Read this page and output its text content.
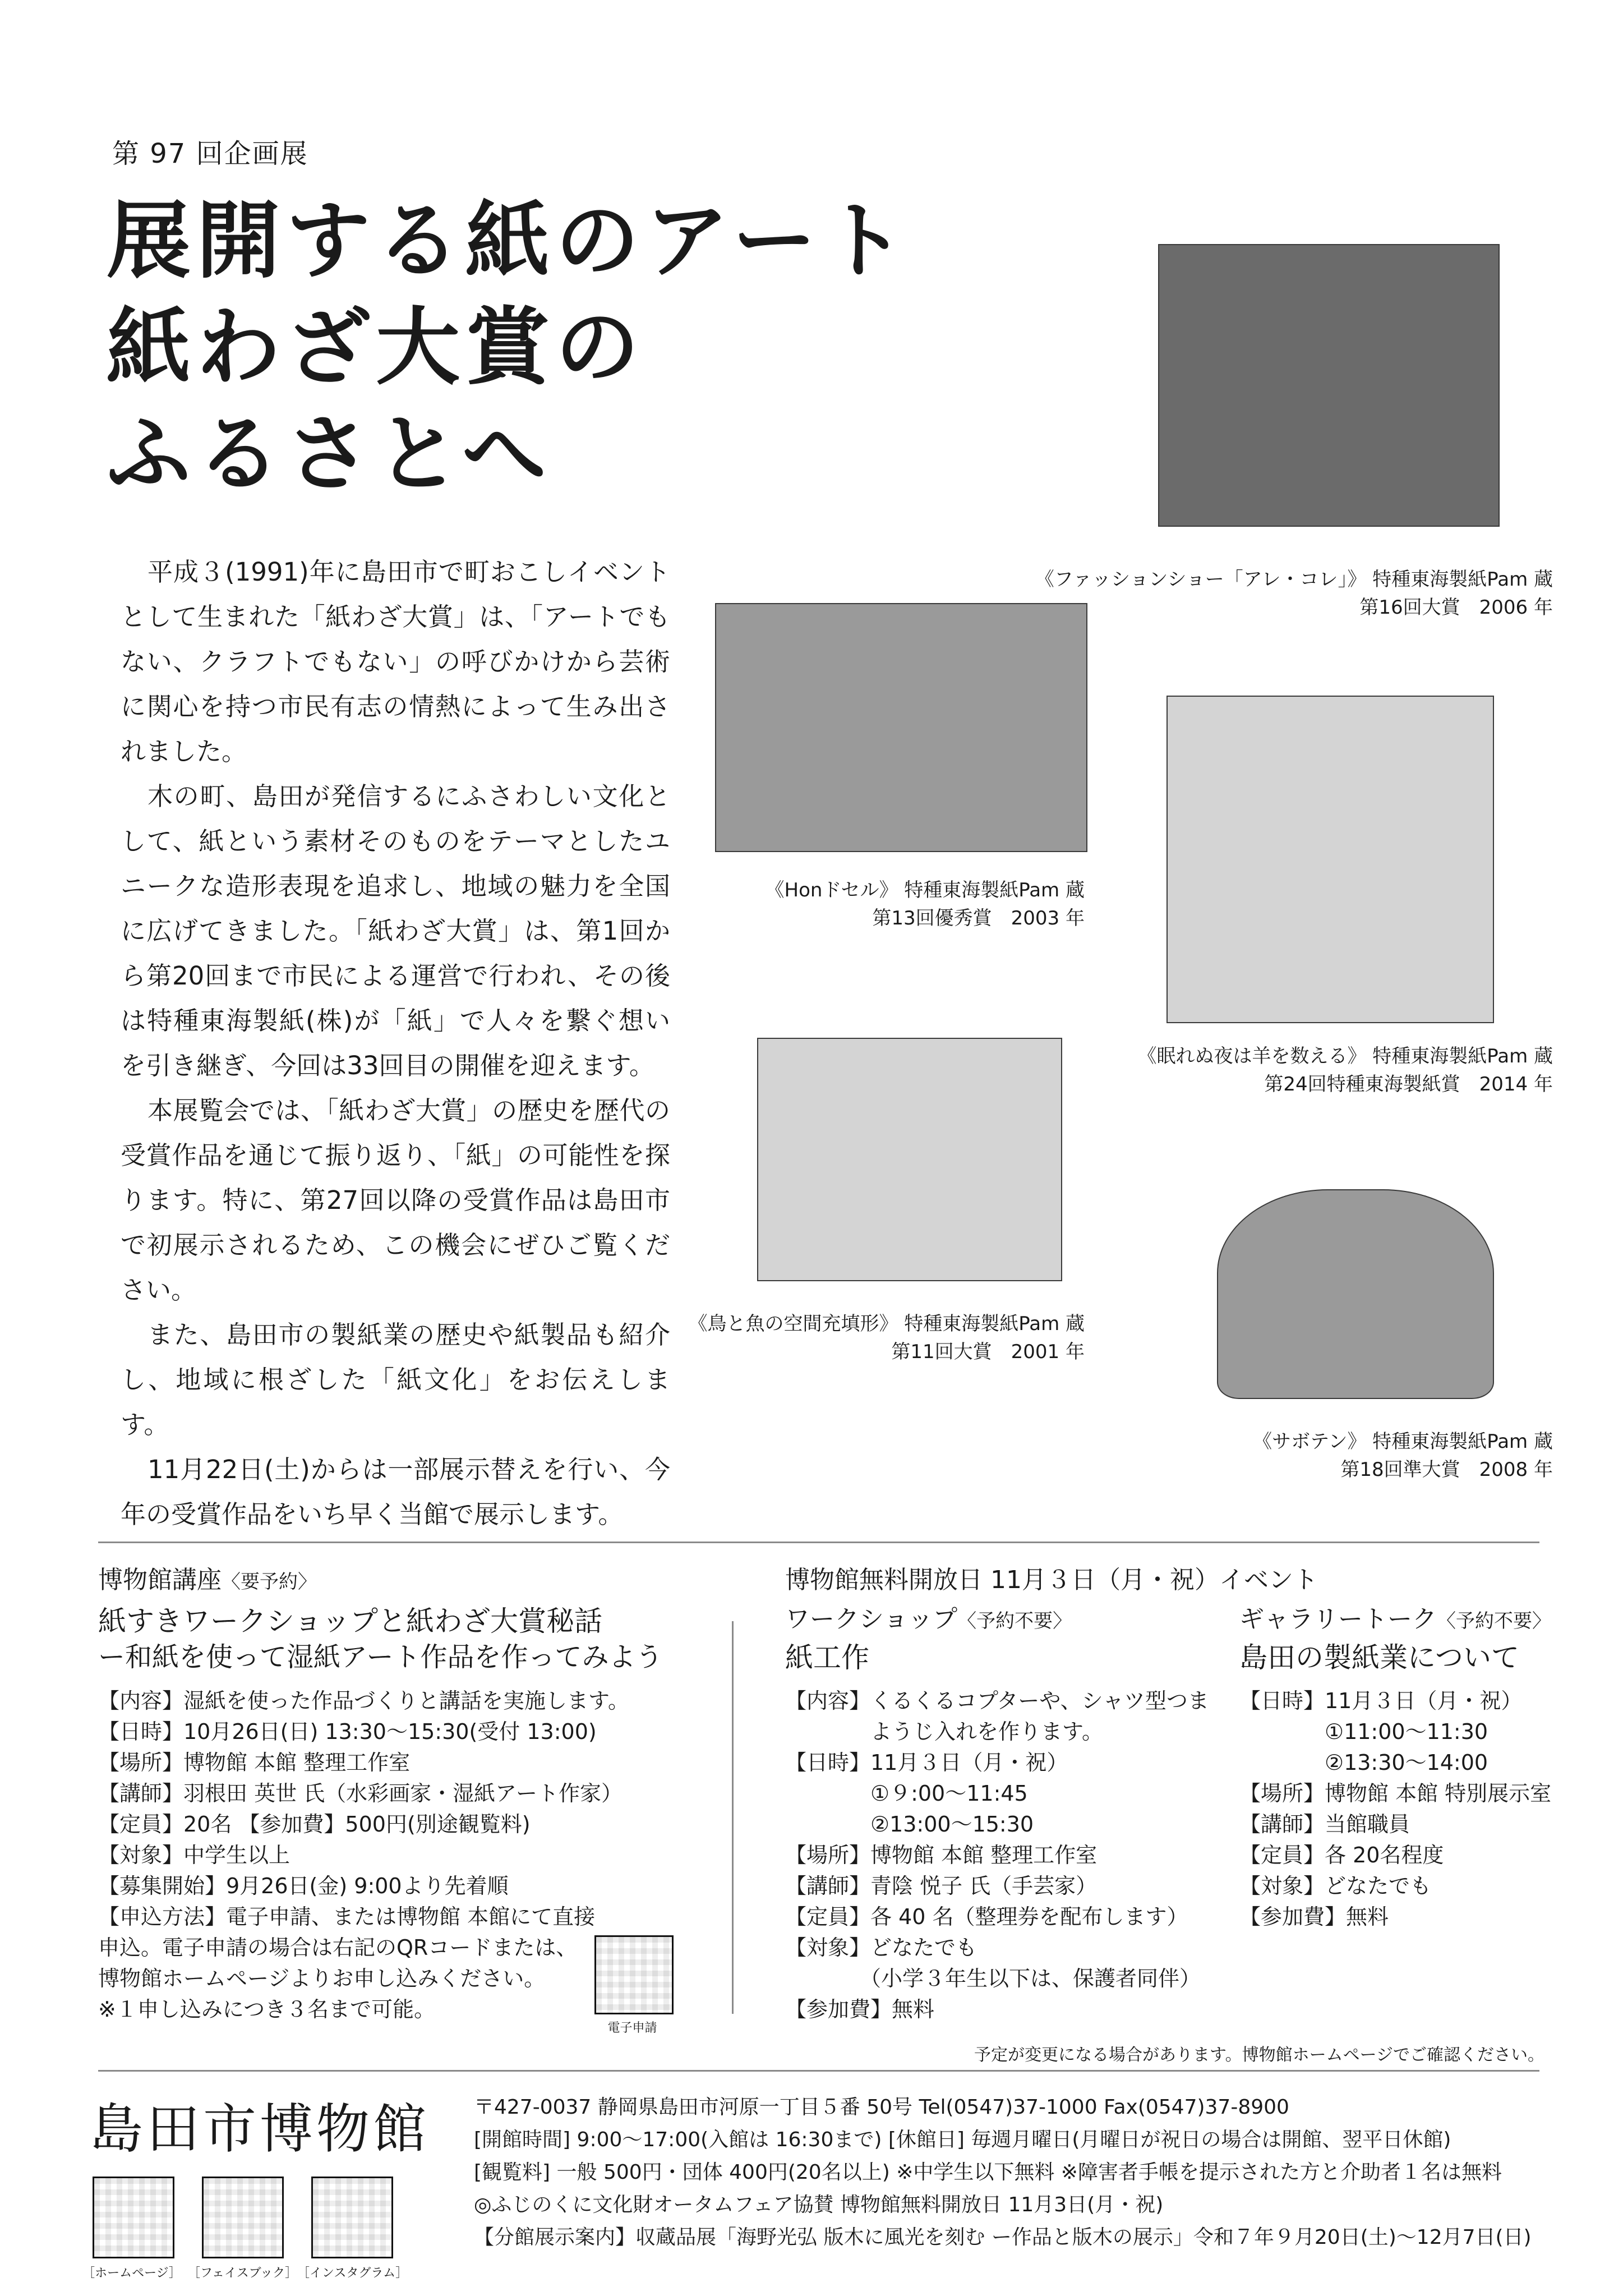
第 97 回企画展
展開する紙のアート
紙わざ大賞の
ふるさとへ

平成３(1991)年に島田市で町おこしイベントとして生まれた「紙わざ大賞」は、「アートでもない、クラフトでもない」の呼びかけから芸術に関心を持つ市民有志の情熱によって生み出されました。

木の町、島田が発信するにふさわしい文化として、紙という素材そのものをテーマとしたユニークな造形表現を追求し、地域の魅力を全国に広げてきました。「紙わざ大賞」は、第1回から第20回まで市民による運営で行われ、その後は特種東海製紙(株)が「紙」で人々を繋ぐ想いを引き継ぎ、今回は33回目の開催を迎えます。

本展覧会では、「紙わざ大賞」の歴史を歴代の受賞作品を通じて振り返り、「紙」の可能性を探ります。特に、第27回以降の受賞作品は島田市で初展示されるため、この機会にぜひご覧ください。

また、島田市の製紙業の歴史や紙製品も紹介し、地域に根ざした「紙文化」をお伝えします。

11月22日(土)からは一部展示替えを行い、今年の受賞作品をいち早く当館で展示します。

《ファッションショー「アレ・コレ」》 特種東海製紙Pam 蔵
第16回大賞　2006 年
《Honドセル》 特種東海製紙Pam 蔵
第13回優秀賞　2003 年
《眠れぬ夜は羊を数える》 特種東海製紙Pam 蔵
第24回特種東海製紙賞　2014 年
《鳥と魚の空間充填形》 特種東海製紙Pam 蔵
第11回大賞　2001 年
《サボテン》 特種東海製紙Pam 蔵
第18回準大賞　2008 年
博物館講座〈要予約〉
紙すきワークショップと紙わざ大賞秘話
ー和紙を使って湿紙アート作品を作ってみよう
【内容】湿紙を使った作品づくりと講話を実施します。
【日時】10月26日(日) 13:30～15:30(受付 13:00)
【場所】博物館 本館 整理工作室
【講師】羽根田 英世 氏（水彩画家・湿紙アート作家）
【定員】20名 【参加費】500円(別途観覧料)
【対象】中学生以上
【募集開始】9月26日(金) 9:00より先着順
【申込方法】電子申請、または博物館 本館にて直接
申込。電子申請の場合は右記のQRコードまたは、
博物館ホームページよりお申し込みください。
※１申し込みにつき３名まで可能。
電子申請
博物館無料開放日 11月３日（月・祝）イベント
ワークショップ〈予約不要〉
紙工作
【内容】くるくるコプターや、シャツ型つま
　　　　ようじ入れを作ります。
【日時】11月３日（月・祝）
　　　　①９:00～11:45
　　　　②13:00～15:30
【場所】博物館 本館 整理工作室
【講師】青陰 悦子 氏（手芸家）
【定員】各 40 名（整理券を配布します）
【対象】どなたでも
　　　　（小学３年生以下は、保護者同伴）
【参加費】無料
ギャラリートーク〈予約不要〉
島田の製紙業について
【日時】11月３日（月・祝）
　　　　①11:00～11:30
　　　　②13:30～14:00
【場所】博物館 本館 特別展示室
【講師】当館職員
【定員】各 20名程度
【対象】どなたでも
【参加費】無料
予定が変更になる場合があります。博物館ホームページでご確認ください。
島田市博物館 〒427-0037 静岡県島田市河原一丁目５番 50号 Tel(0547)37-1000 Fax(0547)37-8900
[開館時間] 9:00～17:00(入館は 16:30まで) [休館日] 毎週月曜日(月曜日が祝日の場合は開館、翌平日休館)
[観覧料] 一般 500円・団体 400円(20名以上) ※中学生以下無料 ※障害者手帳を提示された方と介助者１名は無料
◎ふじのくに文化財オータムフェア協賛 博物館無料開放日 11月3日(月・祝)
【分館展示案内】収蔵品展「海野光弘 版木に風光を刻む ー作品と版木の展示」令和７年９月20日(土)～12月7日(日)
［ホームページ］ ［フェイスブック］ ［インスタグラム］
